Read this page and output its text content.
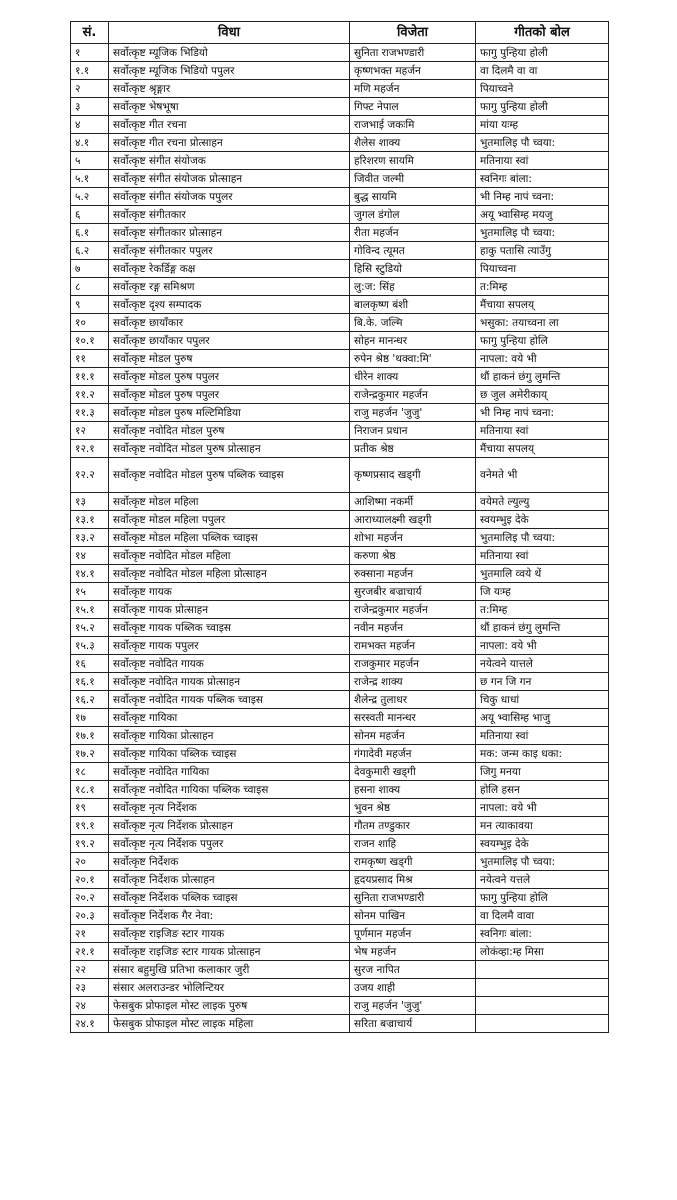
सं.	विधा	विजेता	गीतको बोल
१	सर्वोत्कृष्ट म्यूजिक भिडियो	सुनिता राजभण्डारी	फागु पुन्हिया होली
१.१	सर्वोत्कृष्ट म्यूजिक भिडियो पपुलर	कृष्णभक्त महर्जन	वा दिलमै वा वा
२	सर्वोत्कृष्ट श्रृङ्गार	मणि महर्जन	पियाच्वने
३	सर्वोत्कृष्ट भेषभूषा	गिफ्ट नेपाल	फागु पुन्हिया होली
४	सर्वोत्कृष्ट गीत रचना	राजभाई जकःमि	मांया यःम्ह
४.१	सर्वोत्कृष्ट गीत रचना प्रोत्साहन	शैलेस शाक्य	भुतमालिइ पौ च्वया:
५	सर्वोत्कृष्ट संगीत संयोजक	हरिशरण सायमि	मतिनाया स्वां
५.१	सर्वोत्कृष्ट संगीत संयोजक प्रोत्साहन	जिवीत जल्मी	स्वनिगः बांला:
५.२	सर्वोत्कृष्ट संगीत संयोजक पपुलर	बुद्ध सायमि	भी निम्ह नापं च्वना:
६	सर्वोत्कृष्ट संगीतकार	जुगल डंगोल	अयू भ्वासिम्ह मयजु
६.१	सर्वोत्कृष्ट संगीतकार प्रोत्साहन	रीता महर्जन	भुतमालिइ पौ च्वया:
६.२	सर्वोत्कृष्ट संगीतकार पपुलर	गोविन्द त्यूमत	हाकु पतासि त्याउँगु
७	सर्वोत्कृष्ट रेकर्डिङ्ग कक्ष	हिसि स्टुडियो	पियाच्वना
८	सर्वोत्कृष्ट रङ्ग समिश्रण	लु:ज: सिंह	त:मिम्ह
९	सर्वोत्कृष्ट दृश्य सम्पादक	बालकृष्ण बंशी	मैंचाया सपलय्
१०	सर्वोत्कृष्ट छायाँकार	बि.के. जल्मि	भसुका: तयाच्वना ला
१०.१	सर्वोत्कृष्ट छायाँकार पपुलर	सोहन मानन्धर	फागु पुन्हिया होलि
११	सर्वोत्कृष्ट मोडल पुरुष	रुपेन श्रेष्ठ 'थक्वा:मि'	नापला: वये भी
११.१	सर्वोत्कृष्ट मोडल पुरुष पपुलर	धीरेन शाक्य	थौं हाकनं छंगु लुमन्ति
११.२	सर्वोत्कृष्ट मोडल पुरुष पपुलर	राजेन्द्रकुमार महर्जन	छ जुल अमेरीकाय्
११.३	सर्वोत्कृष्ट मोडल पुरुष मल्टिमिडिया	राजु महर्जन 'जुजु'	भी निम्ह नापं च्वना:
१२	सर्वोत्कृष्ट नवोदित मोडल पुरुष	निराजन प्रधान	मतिनाया स्वां
१२.१	सर्वोत्कृष्ट नवोदित मोडल पुरुष प्रोत्साहन	प्रतीक श्रेष्ठ	मैंचाया सपलय्
१२.२	सर्वोत्कृष्ट नवोदित मोडल पुरुष पब्लिक च्वाइस	कृष्णप्रसाद खड्गी	वनेमते भी
१३	सर्वोत्कृष्ट मोडल महिला	आशिष्मा नकर्मी	वयेमते ल्युल्यु
१३.१	सर्वोत्कृष्ट मोडल महिला पपुलर	आराध्यालक्ष्मी खड्गी	स्वयम्भुइ देके
१३.२	सर्वोत्कृष्ट मोडल महिला पब्लिक च्वाइस	शोभा महर्जन	भुतमालिइ पौ च्वया:
१४	सर्वोत्कृष्ट नवोदित मोडल महिला	करुणा श्रेष्ठ	मतिनाया स्वां
१४.१	सर्वोत्कृष्ट नवोदित मोडल महिला प्रोत्साहन	रुक्साना महर्जन	भुतमालि व्वये थें
१५	सर्वोत्कृष्ट गायक	सुरजबीर बज्राचार्य	जि यःम्ह
१५.१	सर्वोत्कृष्ट गायक प्रोत्साहन	राजेन्द्रकुमार महर्जन	त:मिम्ह
१५.२	सर्वोत्कृष्ट गायक पब्लिक च्वाइस	नवीन महर्जन	थौं हाकनं छंगु लुमन्ति
१५.३	सर्वोत्कृष्ट गायक पपुलर	रामभक्त महर्जन	नापला: वये भी
१६	सर्वोत्कृष्ट नवोदित गायक	राजकुमार महर्जन	नयेत्वने यात्तले
१६.१	सर्वोत्कृष्ट नवोदित गायक प्रोत्साहन	राजेन्द्र शाक्य	छ गन जि गन
१६.२	सर्वोत्कृष्ट नवोदित गायक पब्लिक च्वाइस	शैलेन्द्र तुलाधर	चिकु धाधां
१७	सर्वोत्कृष्ट गायिका	सरस्वती मानन्धर	अयू भ्वासिम्ह भाजु
१७.१	सर्वोत्कृष्ट गायिका प्रोत्साहन	सोनम महर्जन	मतिनाया स्वां
१७.२	सर्वोत्कृष्ट गायिका पब्लिक च्वाइस	गंगादेवी महर्जन	मक: जन्म काइ धका:
१८	सर्वोत्कृष्ट नवोदित गायिका	देवकुमारी खड्गी	जिगु मनया
१८.१	सर्वोत्कृष्ट नवोदित गायिका पब्लिक च्वाइस	हसना शाक्य	होलि हसन
१९	सर्वोत्कृष्ट नृत्य निर्देशक	भुवन श्रेष्ठ	नापला: वये भी
१९.१	सर्वोत्कृष्ट नृत्य निर्देशक प्रोत्साहन	गौतम तण्डुकार	मन त्याकावया
१९.२	सर्वोत्कृष्ट नृत्य निर्देशक पपुलर	राजन शाहि	स्वयम्भुइ देके
२०	सर्वोत्कृष्ट निर्देशक	रामकृष्ण खड्गी	भुतमालिइ पौ च्वया:
२०.१	सर्वोत्कृष्ट निर्देशक प्रोत्साहन	हृदयप्रसाद मिश्र	नयेत्वने यत्तले
२०.२	सर्वोत्कृष्ट निर्देशक पब्लिक च्वाइस	सुनिता राजभण्डारी	फागु पुन्हिया होलि
२०.३	सर्वोत्कृष्ट निर्देशक गैर नेवा:	सोनम पाखिन	वा दिलमै वावा
२१	सर्वोत्कृष्ट राइजिङ स्टार गायक	पूर्णमान महर्जन	स्वनिगः बांला:
२१.१	सर्वोत्कृष्ट राइजिङ स्टार गायक प्रोत्साहन	भेष महर्जन	लोकंव्हा:म्ह मिसा
२२	संसार बहुमुखि प्रतिभा कलाकार जुरी	सुरज नापित	
२३	संसार अलराउन्डर भोलिन्टियर	उजय शाही	
२४	फेसबुक प्रोफाइल मोस्ट लाइक पुरुष	राजु महर्जन 'जुजु'	
२४.१	फेसबुक प्रोफाइल मोस्ट लाइक महिला	सरिता बज्राचार्य	
